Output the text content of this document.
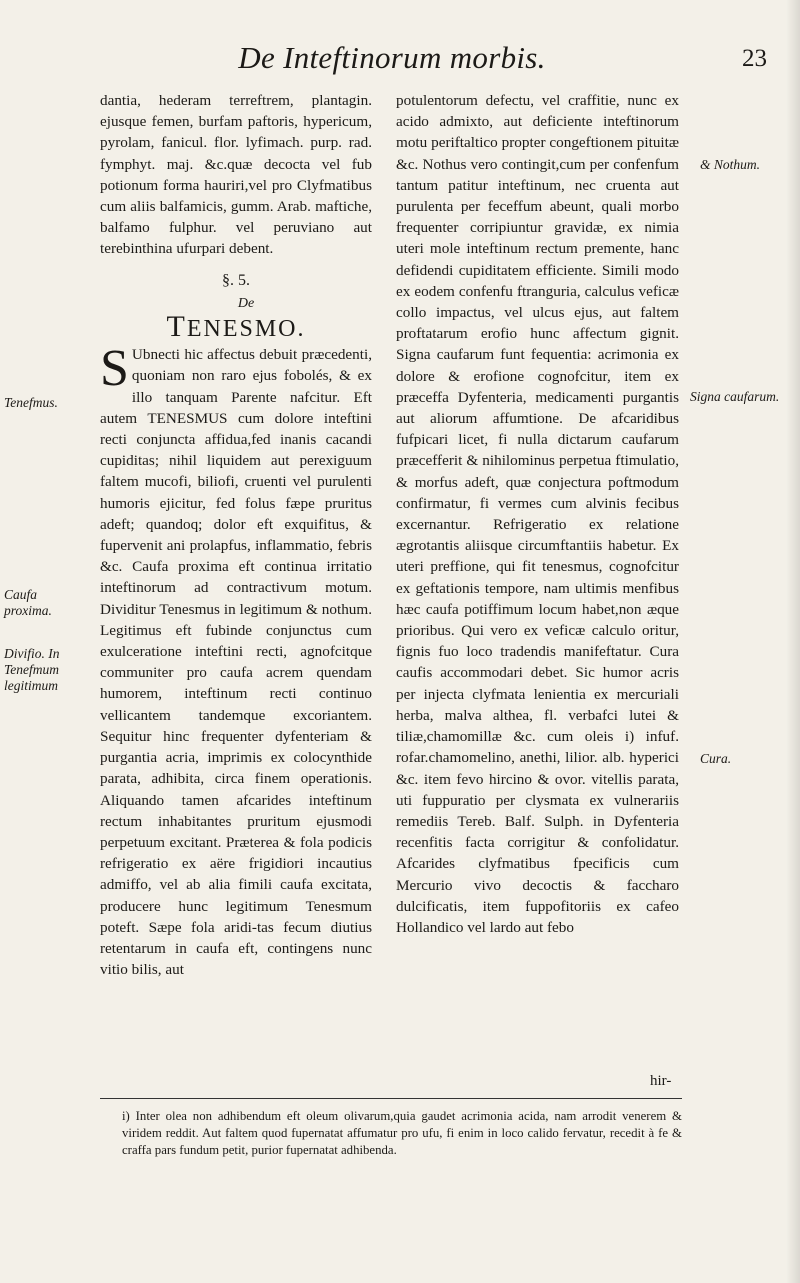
De Inteftinorum morbis.	23

dantia, hederam terreftrem, plantagin. ejusque femen, burfam paftoris, hypericum, pyrolam, fanicul. flor. lyfimach. purp. rad. fymphyt. maj. &c.quæ decocta vel fub potionum forma hauriri,vel pro Clyfmatibus cum aliis balfamicis, gumm. Arab. maftiche, balfamo fulphur. vel peruviano aut terebinthina ufurpari debent.

§. 5.
De
TENESMO.

S Ubnecti hic affectus debuit præcedenti, quoniam non raro ejus fobolés, & ex illo tanquam Parente nafcitur. Eft autem TENESMUS cum dolore inteftini recti conjuncta affidua,fed inanis cacandi cupiditas; nihil liquidem aut perexiguum faltem mucofi, biliofi, cruenti vel purulenti humoris ejicitur, fed folus fæpe pruritus adeft; quandoq; dolor eft exquifitus, & fupervenit ani prolapfus, inflammatio, febris &c. Caufa proxima eft continua irritatio inteftinorum ad contractivum motum. Dividitur Tenesmus in legitimum & nothum. Legitimus eft fubinde conjunctus cum exulceratione inteftini recti, agnofcitque communiter pro caufa acrem quendam humorem, inteftinum recti continuo vellicantem tandemque excoriantem. Sequitur hinc frequenter dyfenteriam & purgantia acria, imprimis ex colocynthide parata, adhibita, circa finem operationis. Aliquando tamen afcarides inteftinum rectum inhabitantes pruritum ejusmodi perpetuum excitant. Præterea & fola podicis refrigeratio ex aëre frigidiori incautius admiffo, vel ab alia fimili caufa excitata, producere hunc legitimum Tenesmum poteft. Sæpe fola aridi-tas fecum diutius retentarum in caufa eft, contingens nunc vitio bilis, aut

potulentorum defectu, vel craffitie, nunc ex acido admixto, aut deficiente inteftinorum motu periftaltico propter congeftionem pituitæ &c. Nothus vero contingit,cum per confenfum tantum patitur inteftinum, nec cruenta aut purulenta per feceffum abeunt, quali morbo frequenter corripiuntur gravidæ, ex nimia uteri mole inteftinum rectum premente, hanc defidendi cupiditatem efficiente. Simili modo ex eodem confenfu ftranguria, calculus veficæ collo impactus, vel ulcus ejus, aut faltem proftatarum erofio hunc affectum gignit. Signa caufarum funt fequentia: acrimonia ex dolore & erofione cognofcitur, item ex præceffa Dyfenteria, medicamenti purgantis aut aliorum affumtione. De afcaridibus fufpicari licet, fi nulla dictarum caufarum præcefferit & nihilominus perpetua ftimulatio, & morfus adeft, quæ conjectura poftmodum confirmatur, fi vermes cum alvinis fecibus excernantur. Refrigeratio ex relatione ægrotantis aliisque circumftantiis habetur. Ex uteri preffione, qui fit tenesmus, cognofcitur ex geftationis tempore, nam ultimis menfibus hæc caufa potiffimum locum habet,non æque prioribus. Qui vero ex veficæ calculo oritur, fignis fuo loco tradendis manifeftatur. Cura caufis accommodari debet. Sic humor acris per injecta clyfmata lenientia ex mercuriali herba, malva althea, fl. verbafci lutei & tiliæ,chamomillæ &c. cum oleis i) infuf. rofar.chamomelino, anethi, lilior. alb. hyperici &c. item fevo hircino & ovor. vitellis parata, uti fuppuratio per clysmata ex vulnerariis remediis Tereb. Balf. Sulph. in Dyfenteria recenfitis facta corrigitur & confolidatur. Afcarides clyfmatibus fpecificis cum Mercurio vivo decoctis & faccharo dulcificatis, item fuppofitoriis ex cafeo Hollandico vel lardo aut febo

hir-
Tenefmus.
Caufa proxima.
Divifio. In Tenefmum legitimum
& Nothum.
Signa caufarum.
Cura.
i) Inter olea non adhibendum eft oleum olivarum,quia gaudet acrimonia acida, nam arrodit venerem & viridem reddit. Aut faltem quod fupernatat affumatur pro ufu, fi enim in loco calido fervatur, recedit à fe & craffa pars fundum petit, purior fupernatat adhibenda.
